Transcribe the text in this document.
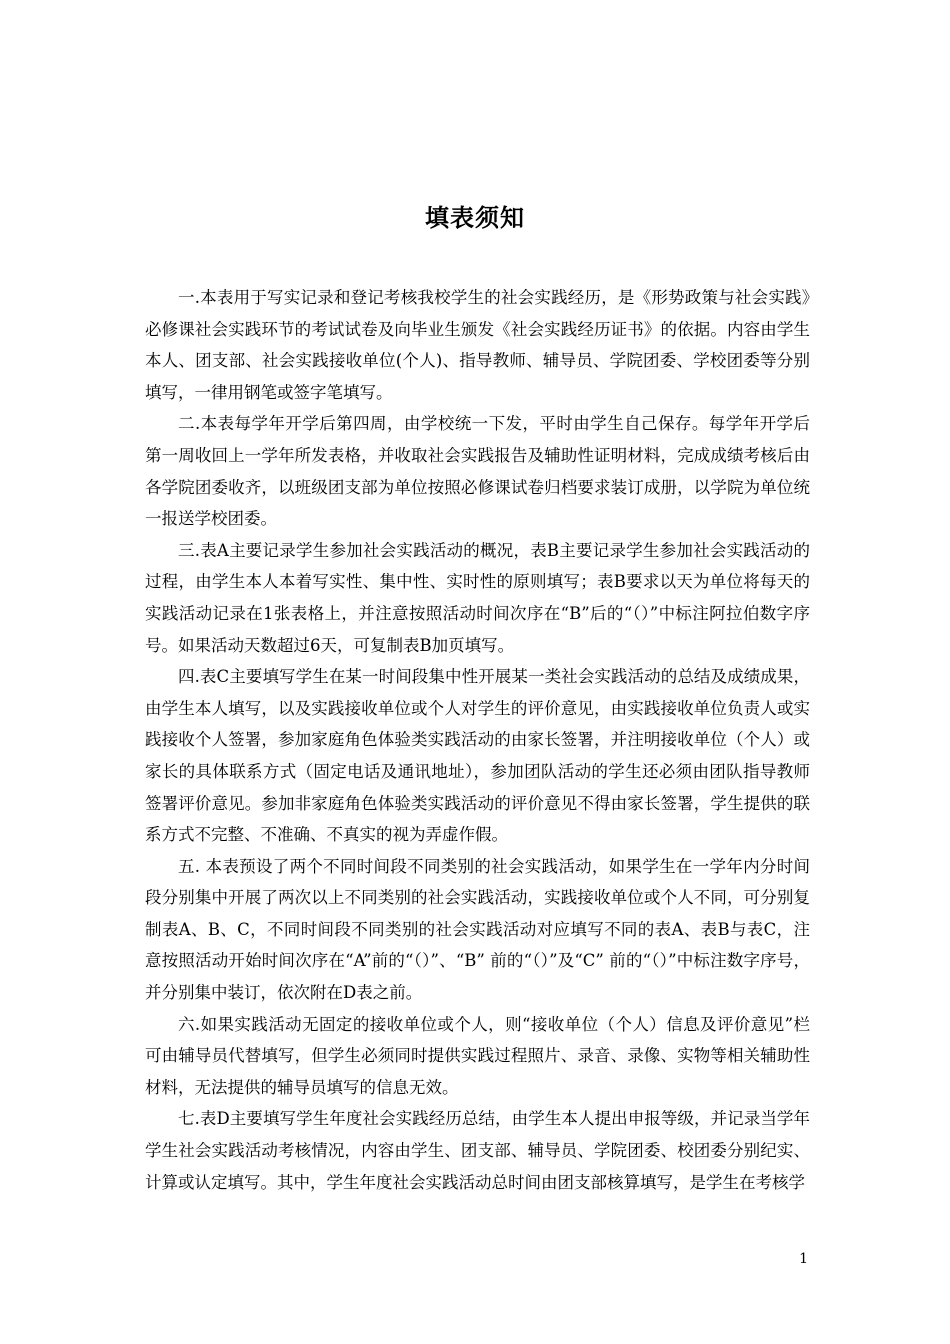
填表须知

一.本表用于写实记录和登记考核我校学生的社会实践经历，是《形势政策与社会实践》必修课社会实践环节的考试试卷及向毕业生颁发《社会实践经历证书》的依据。内容由学生本人、团支部、社会实践接收单位(个人)、指导教师、辅导员、学院团委、学校团委等分别填写，一律用钢笔或签字笔填写。

二.本表每学年开学后第四周，由学校统一下发，平时由学生自己保存。每学年开学后第一周收回上一学年所发表格，并收取社会实践报告及辅助性证明材料，完成成绩考核后由各学院团委收齐，以班级团支部为单位按照必修课试卷归档要求装订成册，以学院为单位统一报送学校团委。

三.表A主要记录学生参加社会实践活动的概况，表B主要记录学生参加社会实践活动的过程，由学生本人本着写实性、集中性、实时性的原则填写；表B要求以天为单位将每天的实践活动记录在1张表格上，并注意按照活动时间次序在“B”后的“（）”中标注阿拉伯数字序号。如果活动天数超过6天，可复制表B加页填写。

四.表C主要填写学生在某一时间段集中性开展某一类社会实践活动的总结及成绩成果，由学生本人填写，以及实践接收单位或个人对学生的评价意见，由实践接收单位负责人或实践接收个人签署，参加家庭角色体验类实践活动的由家长签署，并注明接收单位（个人）或家长的具体联系方式（固定电话及通讯地址），参加团队活动的学生还必须由团队指导教师签署评价意见。参加非家庭角色体验类实践活动的评价意见不得由家长签署，学生提供的联系方式不完整、不准确、不真实的视为弄虚作假。

五. 本表预设了两个不同时间段不同类别的社会实践活动，如果学生在一学年内分时间段分别集中开展了两次以上不同类别的社会实践活动，实践接收单位或个人不同，可分别复制表A、B、C，不同时间段不同类别的社会实践活动对应填写不同的表A、表B与表C，注意按照活动开始时间次序在“A”前的“（）”、“B” 前的“（）”及“C” 前的“（）”中标注数字序号，并分别集中装订，依次附在D表之前。

六.如果实践活动无固定的接收单位或个人，则“接收单位（个人）信息及评价意见”栏可由辅导员代替填写，但学生必须同时提供实践过程照片、录音、录像、实物等相关辅助性材料，无法提供的辅导员填写的信息无效。

七.表D主要填写学生年度社会实践经历总结，由学生本人提出申报等级，并记录当学年学生社会实践活动考核情况，内容由学生、团支部、辅导员、学院团委、校团委分别纪实、计算或认定填写。其中，学生年度社会实践活动总时间由团支部核算填写，是学生在考核学

1
